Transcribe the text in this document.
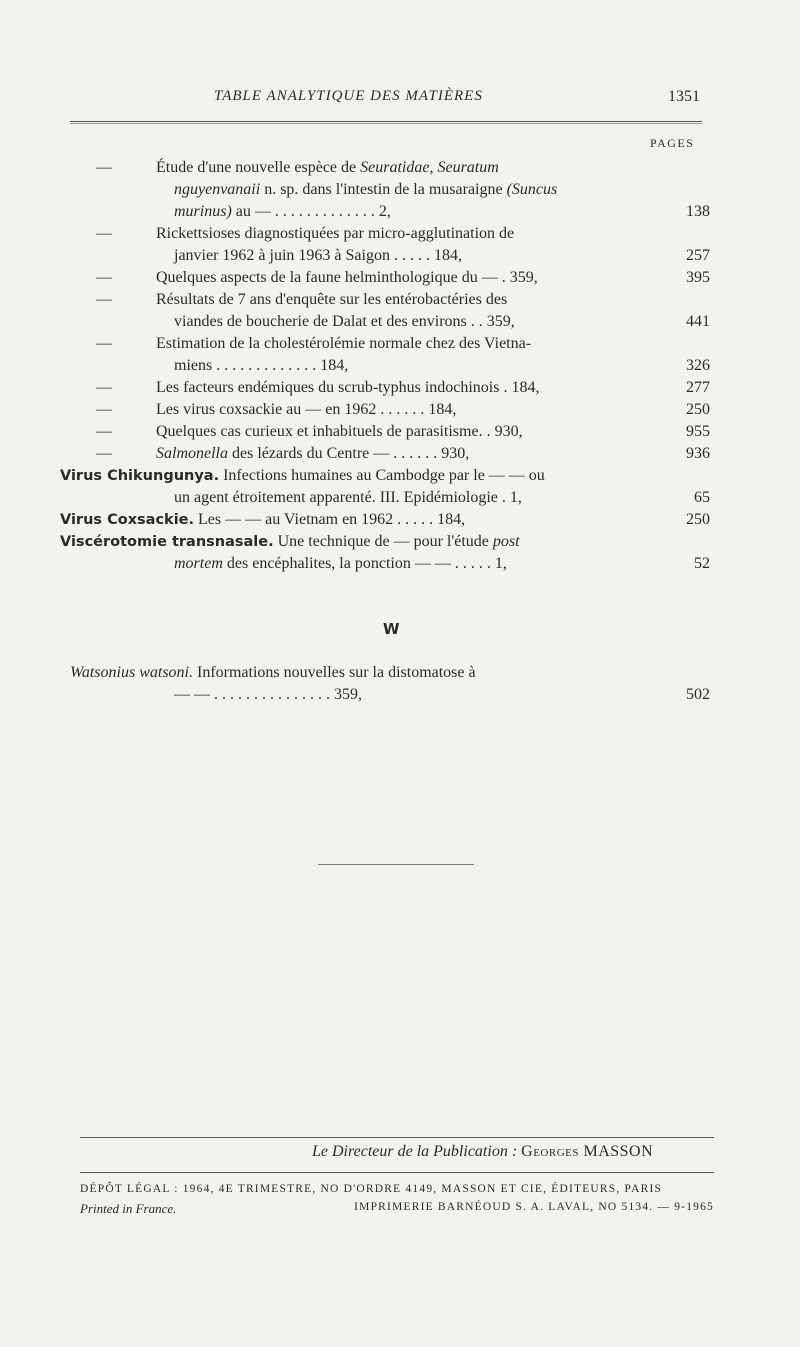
TABLE ANALYTIQUE DES MATIÈRES	1351
PAGES
—	Étude d'une nouvelle espèce de Seuratidae, Seuratum
nguyenvanaii n. sp. dans l'intestin de la musaraigne (Suncus
murinus) au — . . . . . . . . . . . . . 2,	138
—	Rickettsioses diagnostiquées par micro-agglutination de
janvier 1962 à juin 1963 à Saigon . . . . . 184,	257
—	Quelques aspects de la faune helminthologique du — . 359,	395
—	Résultats de 7 ans d'enquête sur les entérobactéries des
viandes de boucherie de Dalat et des environs . . 359,	441
—	Estimation de la cholestérolémie normale chez des Vietna-
miens . . . . . . . . . . . . . 184,	326
—	Les facteurs endémiques du scrub-typhus indochinois . 184,	277
—	Les virus coxsackie au — en 1962 . . . . . . 184,	250
—	Quelques cas curieux et inhabituels de parasitisme. . 930,	955
—	Salmonella des lézards du Centre — . . . . . . 930,	936
Virus Chikungunya. Infections humaines au Cambodge par le — — ou
un agent étroitement apparenté. III. Epidémiologie . 1,	65
Virus Coxsackie. Les — — au Vietnam en 1962 . . . . . 184,	250
Viscérotomie transnasale. Une technique de — pour l'étude post
mortem des encéphalites, la ponction — — . . . . . 1,	52
W
Watsonius watsoni. Informations nouvelles sur la distomatose à
— — . . . . . . . . . . . . . . . 359,	502
Le Directeur de la Publication : Georges MASSON
DÉPÔT LÉGAL : 1964, 4E TRIMESTRE, NO D'ORDRE 4149, MASSON ET CIE, ÉDITEURS, PARIS
Printed in France.	IMPRIMERIE BARNÉOUD S. A. LAVAL, NO 5134. — 9-1965
